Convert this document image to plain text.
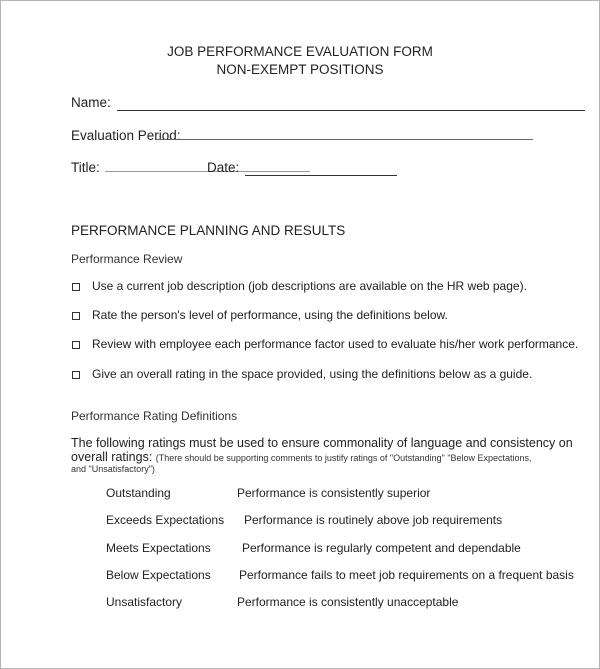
JOB PERFORMANCE EVALUATION FORM
NON-EXEMPT POSITIONS
Name:
Evaluation Period:
Title:	Date:
PERFORMANCE PLANNING AND RESULTS
Performance Review
Use a current job description (job descriptions are available on the HR web page).
Rate the person's level of performance, using the definitions below.
Review with employee each performance factor used to evaluate his/her work performance.
Give an overall rating in the space provided, using the definitions below as a guide.
Performance Rating Definitions
The following ratings must be used to ensure commonality of language and consistency on
overall ratings: (There should be supporting comments to justify ratings of "Outstanding" "Below Expectations,
and "Unsatisfactory")
Outstanding	Performance is consistently superior
Exceeds Expectations Performance is routinely above job requirements
Meets Expectations	Performance is regularly competent and dependable
Below Expectations Performance fails to meet job requirements on a frequent basis
Unsatisfactory	Performance is consistently unacceptable
